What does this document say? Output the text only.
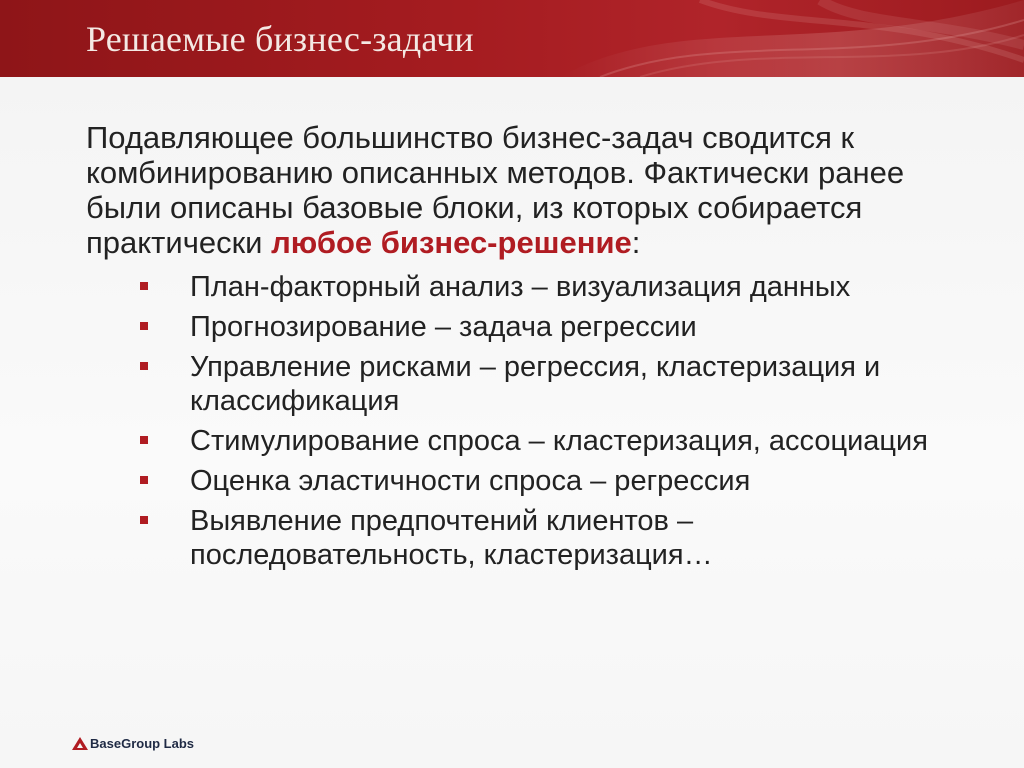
Решаемые бизнес-задачи

Подавляющее большинство бизнес-задач сводится к комбинированию описанных методов. Фактически ранее были описаны базовые блоки, из которых собирается практически любое бизнес-решение:

План-факторный анализ – визуализация данных
Прогнозирование – задача регрессии
Управление рисками – регрессия, кластеризация и классификация
Стимулирование спроса – кластеризация, ассоциация
Оценка эластичности спроса – регрессия
Выявление предпочтений клиентов – последовательность, кластеризация…
BaseGroup Labs
